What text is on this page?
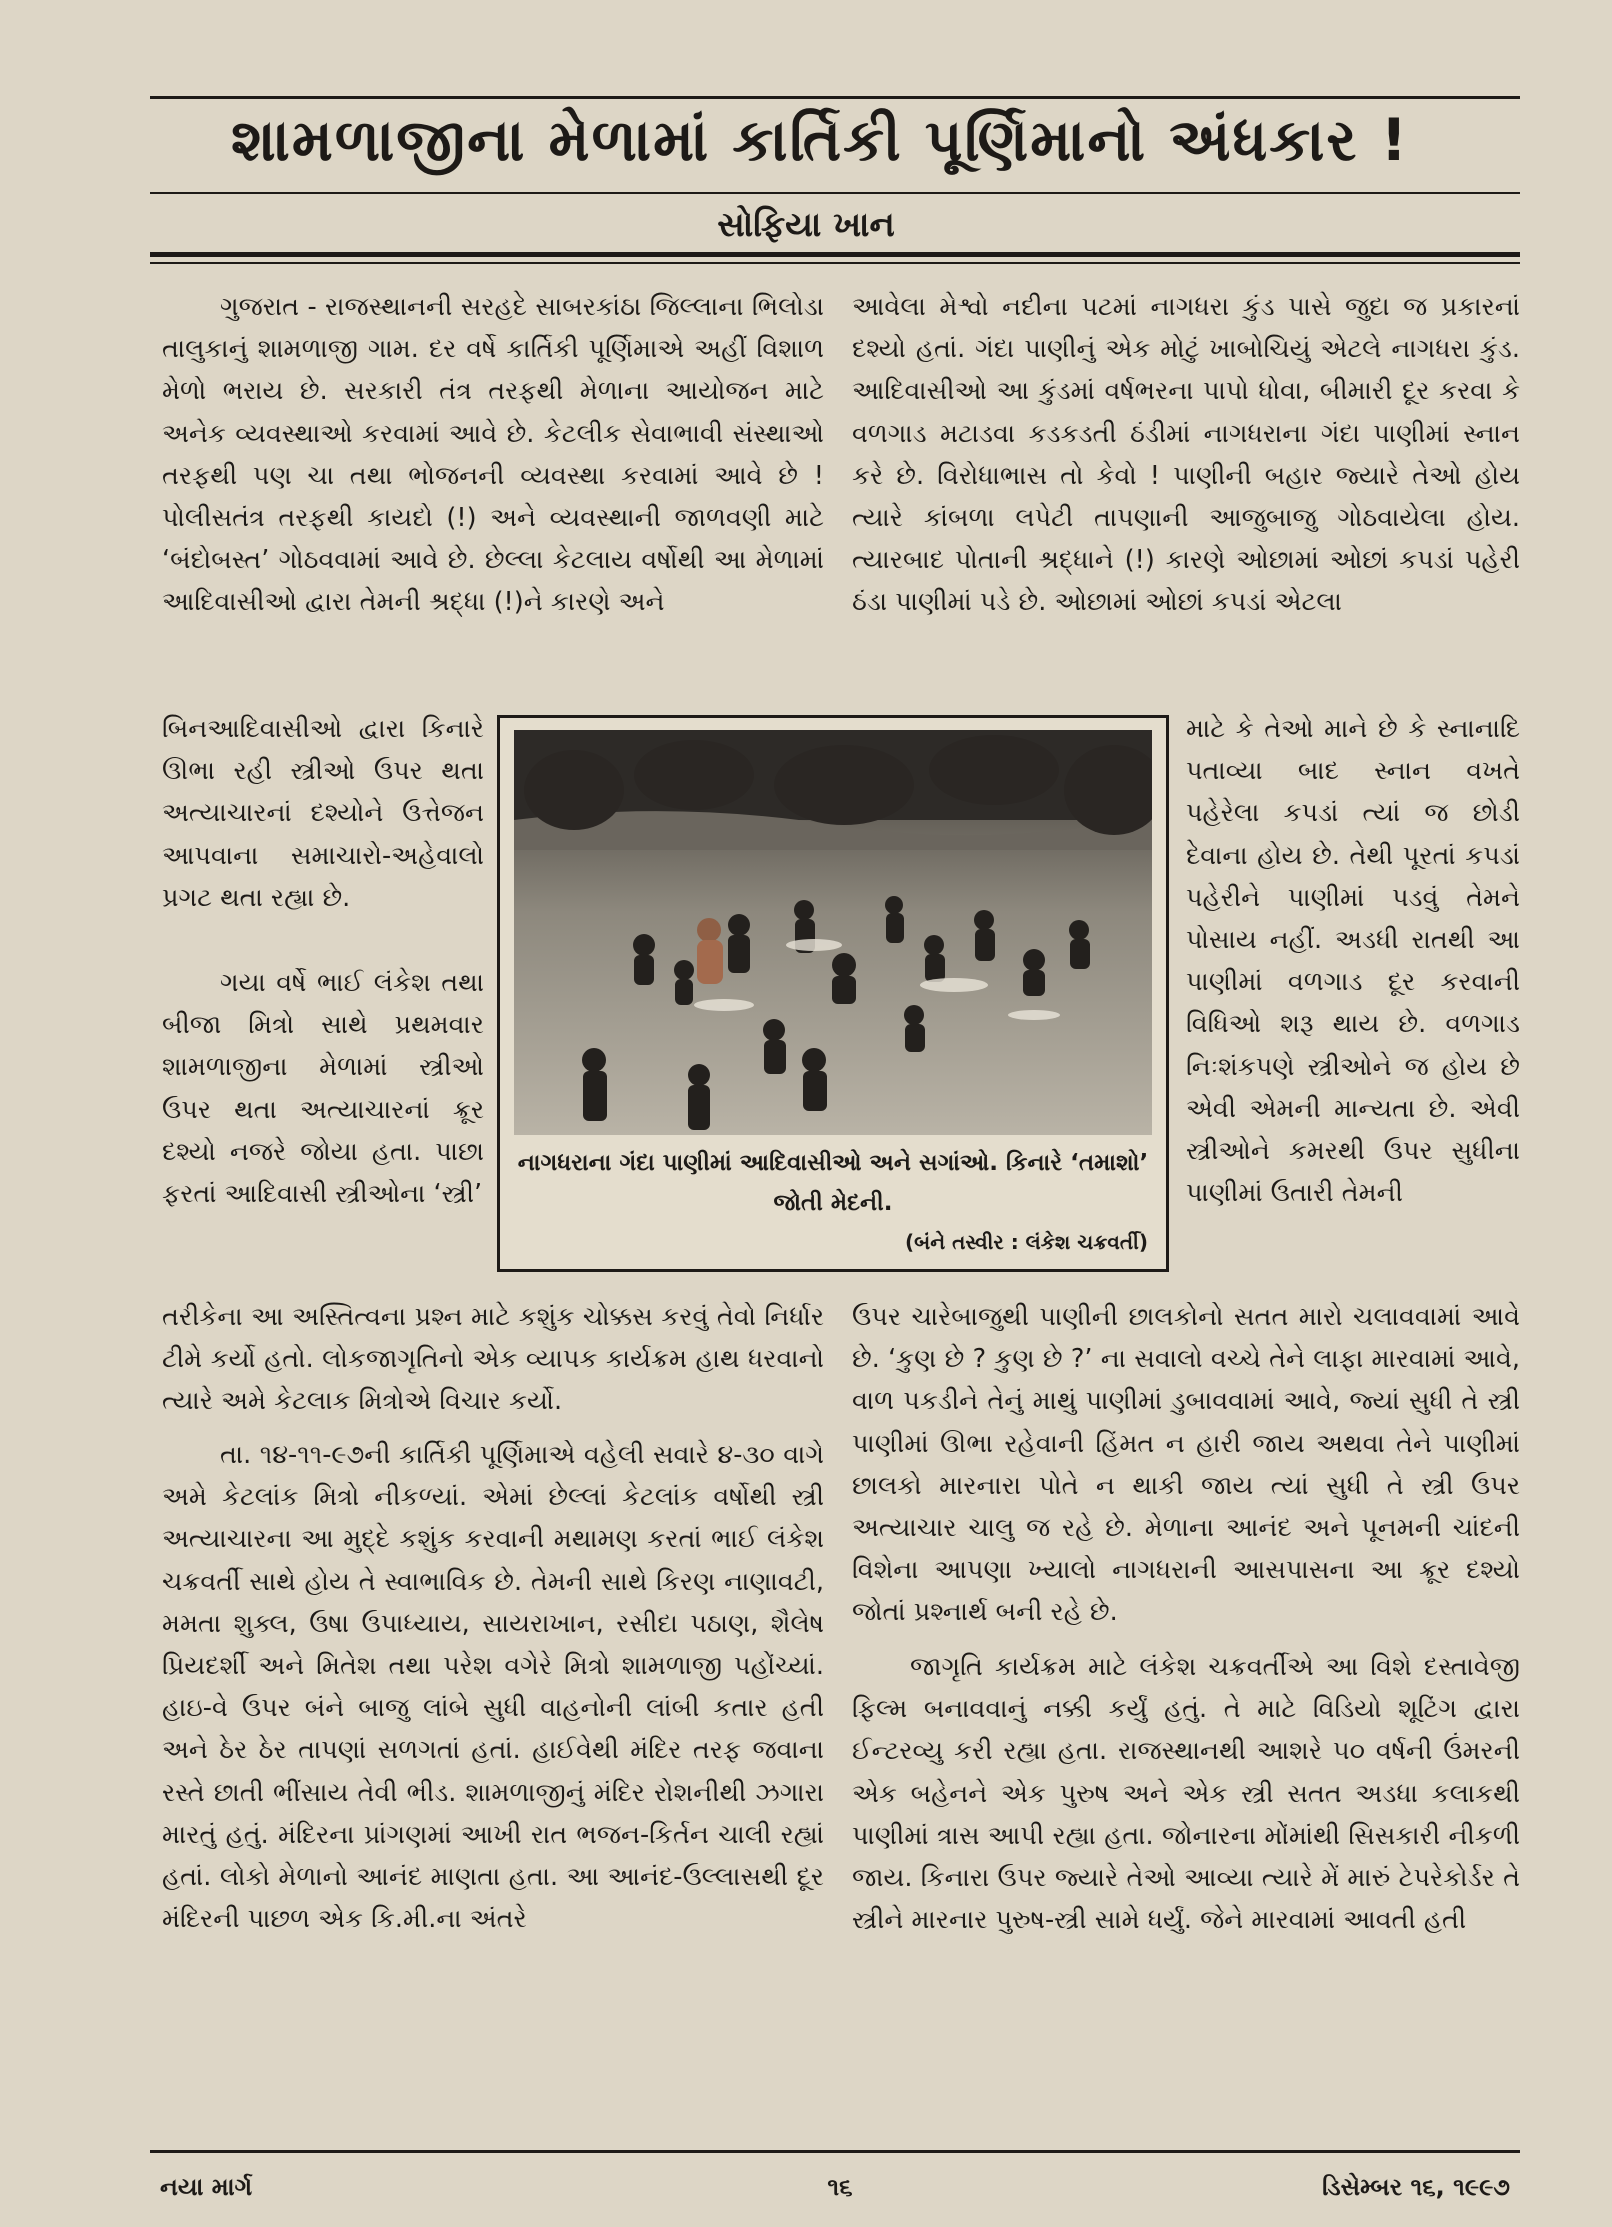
શામળાજીના મેળામાં કાર્તિકી પૂર્ણિમાનો અંધકાર !
સોફિયા ખાન

ગુજરાત - રાજસ્થાનની સરહદે સાબરકાંઠા જિલ્લાના ભિલોડા તાલુકાનું શામળાજી ગામ. દર વર્ષે કાર્તિકી પૂર્ણિમાએ અહીં વિશાળ મેળો ભરાય છે. સરકારી તંત્ર તરફથી મેળાના આયોજન માટે અનેક વ્યવસ્થાઓ કરવામાં આવે છે. કેટલીક સેવાભાવી સંસ્થાઓ તરફથી પણ ચા તથા ભોજનની વ્યવસ્થા કરવામાં આવે છે ! પોલીસતંત્ર તરફથી કાયદો (!) અને વ્યવસ્થાની જાળવણી માટે ‘બંદોબસ્ત’ ગોઠવવામાં આવે છે. છેલ્લા કેટલાય વર્ષોથી આ મેળામાં આદિવાસીઓ દ્વારા તેમની શ્રદ્ધા (!)ને કારણે અને

બિનઆદિવાસીઓ દ્વારા કિનારે ઊભા રહી સ્ત્રીઓ ઉપર થતા અત્યાચારનાં દશ્યોને ઉત્તેજન આપવાના સમાચારો-અહેવાલો પ્રગટ થતા રહ્યા છે.

ગયા વર્ષે ભાઈ લંકેશ તથા બીજા મિત્રો સાથે પ્રથમવાર શામળાજીના મેળામાં સ્ત્રીઓ ઉપર થતા અત્યાચારનાં ક્રૂર દશ્યો નજરે જોયા હતા. પાછા ફરતાં આદિવાસી સ્ત્રીઓના ‘સ્ત્રી’

તરીકેના આ અસ્તિત્વના પ્રશ્ન માટે કશુંક ચોક્કસ કરવું તેવો નિર્ધાર ટીમે કર્યો હતો. લોકજાગૃતિનો એક વ્યાપક કાર્યક્રમ હાથ ધરવાનો ત્યારે અમે કેટલાક મિત્રોએ વિચાર કર્યો.

તા. ૧૪-૧૧-૯૭ની કાર્તિકી પૂર્ણિમાએ વહેલી સવારે ૪-૩૦ વાગે અમે કેટલાંક મિત્રો નીકળ્યાં. એમાં છેલ્લાં કેટલાંક વર્ષોથી સ્ત્રી અત્યાચારના આ મુદ્દે કશુંક કરવાની મથામણ કરતાં ભાઈ લંકેશ ચક્રવર્તી સાથે હોય તે સ્વાભાવિક છે. તેમની સાથે કિરણ નાણાવટી, મમતા શુક્લ, ઉષા ઉપાધ્યાય, સાયરાખાન, રસીદા પઠાણ, શૈલેષ પ્રિયદર્શી અને મિતેશ તથા પરેશ વગેરે મિત્રો શામળાજી પહોંચ્યાં. હાઇ-વે ઉપર બંને બાજુ લાંબે સુધી વાહનોની લાંબી કતાર હતી અને ઠેર ઠેર તાપણાં સળગતાં હતાં. હાઈવેથી મંદિર તરફ જવાના રસ્તે છાતી ભીંસાય તેવી ભીડ. શામળાજીનું મંદિર રોશનીથી ઝગારા મારતું હતું. મંદિરના પ્રાંગણમાં આખી રાત ભજન-કિર્તન ચાલી રહ્યાં હતાં. લોકો મેળાનો આનંદ માણતા હતા. આ આનંદ-ઉલ્લાસથી દૂર મંદિરની પાછળ એક કિ.મી.ના અંતરે

આવેલા મેશ્વો નદીના પટમાં નાગધરા કુંડ પાસે જુદા જ પ્રકારનાં દશ્યો હતાં. ગંદા પાણીનું એક મોટું ખાબોચિયું એટલે નાગધરા કુંડ. આદિવાસીઓ આ કુંડમાં વર્ષભરના પાપો ધોવા, બીમારી દૂર કરવા કે વળગાડ મટાડવા કડકડતી ઠંડીમાં નાગધરાના ગંદા પાણીમાં સ્નાન કરે છે. વિરોધાભાસ તો કેવો ! પાણીની બહાર જ્યારે તેઓ હોય ત્યારે કાંબળા લપેટી તાપણાની આજુબાજુ ગોઠવાયેલા હોય. ત્યારબાદ પોતાની શ્રદ્ધાને (!) કારણે ઓછામાં ઓછાં કપડાં પહેરી ઠંડા પાણીમાં પડે છે. ઓછામાં ઓછાં કપડાં એટલા

માટે કે તેઓ માને છે કે સ્નાનાદિ પતાવ્યા બાદ સ્નાન વખતે પહેરેલા કપડાં ત્યાં જ છોડી દેવાના હોય છે. તેથી પૂરતાં કપડાં પહેરીને પાણીમાં પડવું તેમને પોસાય નહીં. અડધી રાતથી આ પાણીમાં વળગાડ દૂર કરવાની વિધિઓ શરૂ થાય છે. વળગાડ નિઃશંકપણે સ્ત્રીઓને જ હોય છે એવી એમની માન્યતા છે. એવી સ્ત્રીઓને કમરથી ઉપર સુધીના પાણીમાં ઉતારી તેમની

ઉપર ચારેબાજુથી પાણીની છાલકોનો સતત મારો ચલાવવામાં આવે છે. ‘કુણ છે ? કુણ છે ?’ ના સવાલો વચ્ચે તેને લાફા મારવામાં આવે, વાળ પકડીને તેનું માથું પાણીમાં ડુબાવવામાં આવે, જ્યાં સુધી તે સ્ત્રી પાણીમાં ઊભા રહેવાની હિંમત ન હારી જાય અથવા તેને પાણીમાં છાલકો મારનારા પોતે ન થાકી જાય ત્યાં સુધી તે સ્ત્રી ઉપર અત્યાચાર ચાલુ જ રહે છે. મેળાના આનંદ અને પૂનમની ચાંદની વિશેના આપણા ખ્યાલો નાગધરાની આસપાસના આ ક્રૂર દશ્યો જોતાં પ્રશ્નાર્થ બની રહે છે.

જાગૃતિ કાર્યક્રમ માટે લંકેશ ચક્રવર્તીએ આ વિશે દસ્તાવેજી ફિલ્મ બનાવવાનું નક્કી કર્યું હતું. તે માટે વિડિયો શૂટિંગ દ્વારા ઈન્ટરવ્યુ કરી રહ્યા હતા. રાજસ્થાનથી આશરે ૫૦ વર્ષની ઉંમરની એક બહેનને એક પુરુષ અને એક સ્ત્રી સતત અડધા કલાકથી પાણીમાં ત્રાસ આપી રહ્યા હતા. જોનારના મોંમાંથી સિસકારી નીકળી જાય. કિનારા ઉપર જ્યારે તેઓ આવ્યા ત્યારે મેં મારું ટેપરેકોર્ડર તે સ્ત્રીને મારનાર પુરુષ-સ્ત્રી સામે ધર્યું. જેને મારવામાં આવતી હતી

નાગધરાના ગંદા પાણીમાં આદિવાસીઓ અને સગાંઓ. કિનારે ‘તમાશો’ જોતી મેદની.

(બંને તસ્વીર : લંકેશ ચક્રવર્તી)

નયા માર્ગ	૧૬	ડિસેમ્બર ૧૬, ૧૯૯૭
